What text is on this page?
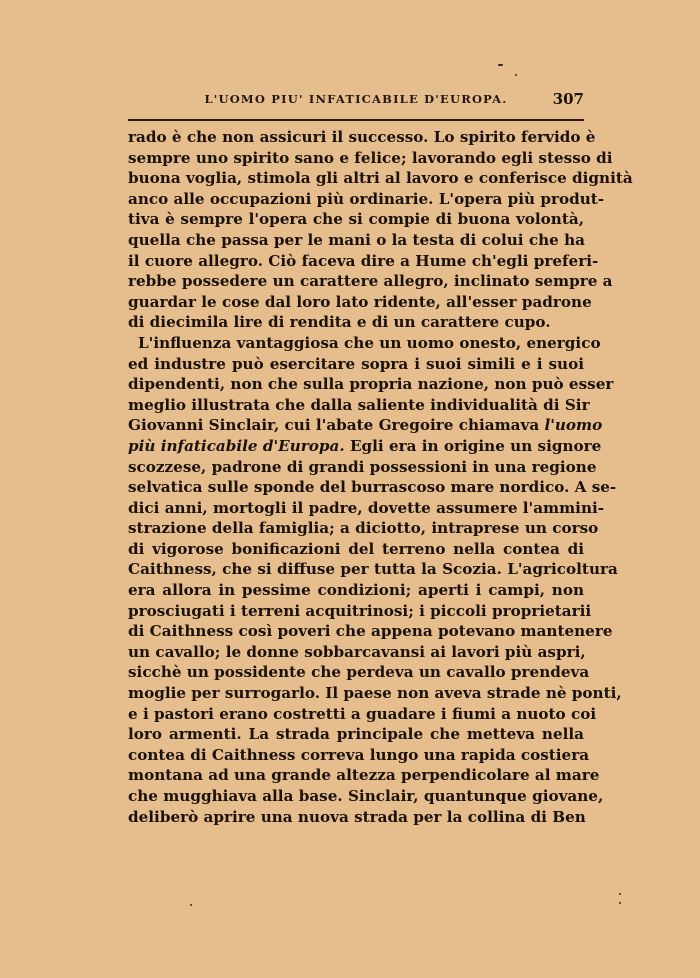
L'UOMO PIU' INFATICABILE D'EUROPA.	307
rado è che non assicuri il successo. Lo spirito fervido è
sempre uno spirito sano e felice; lavorando egli stesso di
buona voglia, stimola gli altri al lavoro e conferisce dignità
anco alle occupazioni più ordinarie. L'opera più produt-
tiva è sempre l'opera che si compie di buona volontà,
quella che passa per le mani o la testa di colui che ha
il cuore allegro. Ciò faceva dire a Hume ch'egli preferi-
rebbe possedere un carattere allegro, inclinato sempre a
guardar le cose dal loro lato ridente, all'esser padrone
di diecimila lire di rendita e di un carattere cupo.
L'influenza vantaggiosa che un uomo onesto, energico
ed industre può esercitare sopra i suoi simili e i suoi
dipendenti, non che sulla propria nazione, non può esser
meglio illustrata che dalla saliente individualità di Sir
Giovanni Sinclair, cui l'abate Gregoire chiamava l'uomo
più infaticabile d'Europa. Egli era in origine un signore
scozzese, padrone di grandi possessioni in una regione
selvatica sulle sponde del burrascoso mare nordico. A se-
dici anni, mortogli il padre, dovette assumere l'ammini-
strazione della famiglia; a diciotto, intraprese un corso
di vigorose bonificazioni del terreno nella contea di
Caithness, che si diffuse per tutta la Scozia. L'agricoltura
era allora in pessime condizioni; aperti i campi, non
prosciugati i terreni acquitrinosi; i piccoli proprietarii
di Caithness così poveri che appena potevano mantenere
un cavallo; le donne sobbarcavansi ai lavori più aspri,
sicchè un possidente che perdeva un cavallo prendeva
moglie per surrogarlo. Il paese non aveva strade nè ponti,
e i pastori erano costretti a guadare i fiumi a nuoto coi
loro armenti. La strada principale che metteva nella
contea di Caithness correva lungo una rapida costiera
montana ad una grande altezza perpendicolare al mare
che mugghiava alla base. Sinclair, quantunque giovane,
deliberò aprire una nuova strada per la collina di Ben
